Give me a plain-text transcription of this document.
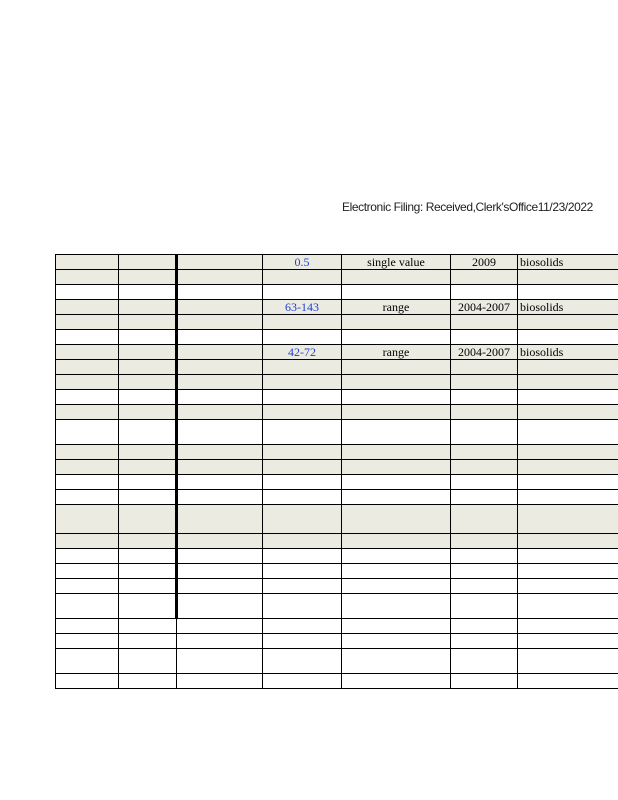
Electronic Filing: Received,Clerk'sOffice11/23/2022
			0.5	single value	2009	biosolids

			63-143	range	2004-2007	biosolids

			42-72	range	2004-2007	biosolids
